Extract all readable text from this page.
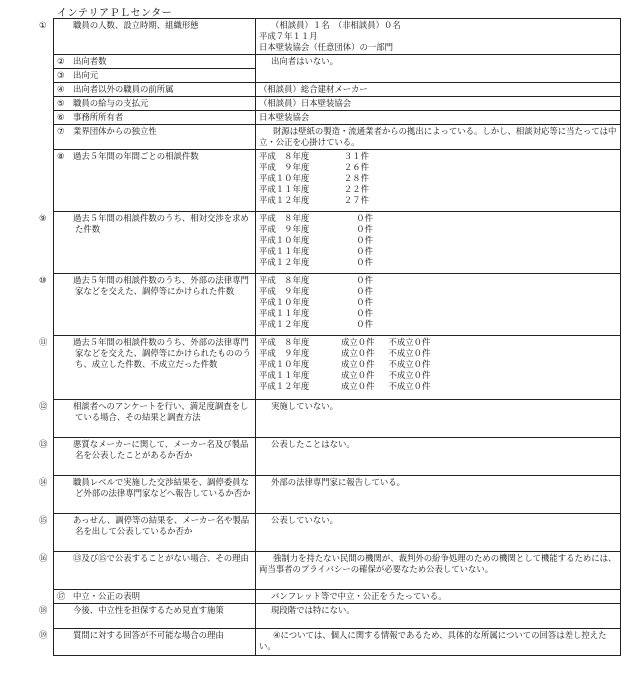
インテリアＰＬセンター
① 職員の人数、設立時期、組織形態	（相談員）１名　（非相談員）０名
平成７年１１月
日本壁装協会（任意団体）の一部門

② 出向者数	出向者はいない。

③ 出向元	
④ 出向者以外の職員の前所属	（相談員）総合建材メーカー

⑤ 職員の給与の支払元	（相談員）日本壁装協会

⑥ 事務所所有者	日本壁装協会

⑦ 業界団体からの独立性	財源は壁紙の製造・流通業者からの拠出によっている。しかし、相談対応等に当たっては中立・公正を心掛けている。

⑧ 過去５年間の年間ごとの相談件数	平成　８年度 ３１件
平成　９年度 ２６件
平成１０年度 ２８件
平成１１年度 ２２件
平成１２年度 ２７件

⑨ 過去５年間の相談件数のうち、相対交渉を求めた件数	平成　８年度 ０件
平成　９年度 ０件
平成１０年度 ０件
平成１１年度 ０件
平成１２年度 ０件

⑩ 過去５年間の相談件数のうち、外部の法律専門家などを交えた、調停等にかけられた件数	平成　８年度 ０件
平成　９年度 ０件
平成１０年度 ０件
平成１１年度 ０件
平成１２年度 ０件

⑪ 過去５年間の相談件数のうち、外部の法律専門家などを交えた、調停等にかけられたもののうち、成立した件数、不成立だった件数	平成　８年度 成立０件 不成立０件
平成　９年度 成立０件 不成立０件
平成１０年度 成立０件 不成立０件
平成１１年度 成立０件 不成立０件
平成１２年度 成立０件 不成立０件

⑫ 相談者へのアンケートを行い、満足度調査をしている場合、その結果と調査方法	実施していない。

⑬ 悪質なメーカーに関して、メーカー名及び製品名を公表したことがあるか否か	公表したことはない。

⑭ 職員レベルで実施した交渉結果を、調停委員など外部の法律専門家などへ報告しているか否か	外部の法律専門家に報告している。

⑮ あっせん、調停等の結果を、メーカー名や製品名を出して公表しているか否か	公表していない。

⑯ ⑬及び⑮で公表することがない場合、その理由	強制力を持たない民間の機関が、裁判外の紛争処理のための機関として機能するためには、両当事者のプライバシーの確保が必要なため公表していない。

⑰ 中立・公正の表明	パンフレット等で中立・公正をうたっている。

⑱ 今後、中立性を担保するため見直す施策	現段階では特にない。

⑲ 質問に対する回答が不可能な場合の理由	④については、個人に関する情報であるため、具体的な所属についての回答は差し控えたい。
